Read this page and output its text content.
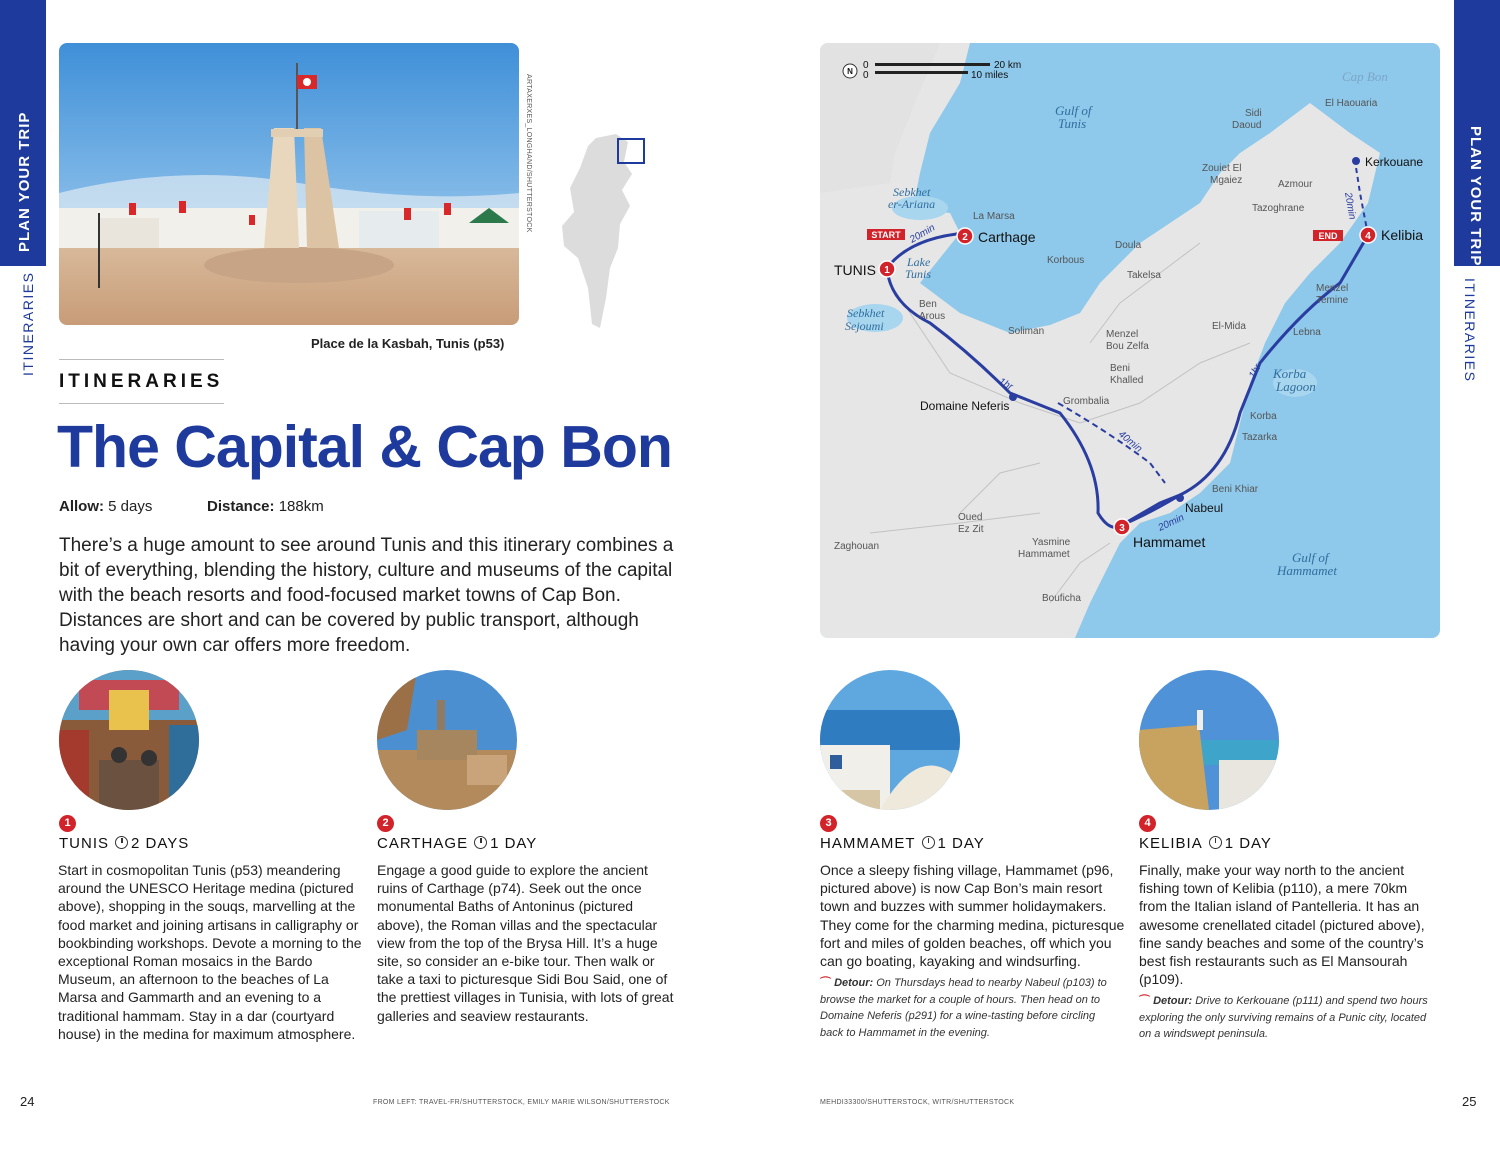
PLAN YOUR TRIP
ITINERARIES
PLAN YOUR TRIP
ITINERARIES
ARTAXERXES_LONGHAND/SHUTTERSTOCK
Place de la Kasbah, Tunis (p53)
ITINERARIES
The Capital & Cap Bon
Allow: 5 days	Distance: 188km
There’s a huge amount to see around Tunis and this itinerary combines a bit of everything, blending the history, culture and museums of the capital with the beach resorts and food-focused market towns of Cap Bon. Distances are short and can be covered by public transport, although having your own car offers more freedom.
N
0
0
20 km
10 miles
Gulf of
Tunis
Sebkhet
er-Ariana
Lake
Tunis
Sebkhet
Sejoumi
Korba
Lagoon
Gulf of
Hammamet
Cap Bon
La Marsa
Ben
Arous
Soliman
Korbous
Doula
Takelsa
Menzel
Bou Zelfa
Beni
Khalled
Grombalia
El-Mida
Lebna
Menzel
Temine
Korba
Tazarka
Beni Khiar
Oued
Ez Zit
Zaghouan	Yasmine
Hammamet
Bouficha
Sidi
Daoud
El Haouaria
Zouiet El
Mgaiez	Azmour
Tazoghrane
TUNIS
Carthage
Hammamet
Kelibia
Kerkouane
Nabeul
Domaine Neferis
START	END
1
2
3
4
20min
1hr
40min
20min
1hr
20min
1
TUNIS 2 DAYS
Start in cosmopolitan Tunis (p53) meandering around the UNESCO Heritage medina (pictured above), shopping in the souqs, marvelling at the food market and joining artisans in calligraphy or bookbinding workshops. Devote a morning to the exceptional Roman mosaics in the Bardo Museum, an afternoon to the beaches of La Marsa and Gammarth and an evening to a traditional hammam. Stay in a dar (courtyard house) in the medina for maximum atmosphere.
2
CARTHAGE 1 DAY
Engage a good guide to explore the ancient ruins of Carthage (p74). Seek out the once monumental Baths of Antoninus (pictured above), the Roman villas and the spectacular view from the top of the Brysa Hill. It’s a huge site, so consider an e-bike tour. Then walk or take a taxi to picturesque Sidi Bou Said, one of the prettiest villages in Tunisia, with lots of great galleries and seaview restaurants.
3
HAMMAMET 1 DAY
Once a sleepy fishing village, Hammamet (p96, pictured above) is now Cap Bon’s main resort town and buzzes with summer holidaymakers. They come for the charming medina, picturesque fort and miles of golden beaches, off which you can go boating, kayaking and windsurfing.
⌒ Detour: On Thursdays head to nearby Nabeul (p103) to browse the market for a couple of hours. Then head on to Domaine Neferis (p291) for a wine-tasting before circling back to Hammamet in the evening.
4
KELIBIA 1 DAY
Finally, make your way north to the ancient fishing town of Kelibia (p110), a mere 70km from the Italian island of Pantelleria. It has an awesome crenellated citadel (pictured above), fine sandy beaches and some of the country’s best fish restaurants such as El Mansourah (p109).
⌒ Detour: Drive to Kerkouane (p111) and spend two hours exploring the only surviving remains of a Punic city, located on a windswept peninsula.
24	25
FROM LEFT: TRAVEL-FR/SHUTTERSTOCK, EMILY MARIE WILSON/SHUTTERSTOCK	MEHDI33300/SHUTTERSTOCK, WITR/SHUTTERSTOCK
